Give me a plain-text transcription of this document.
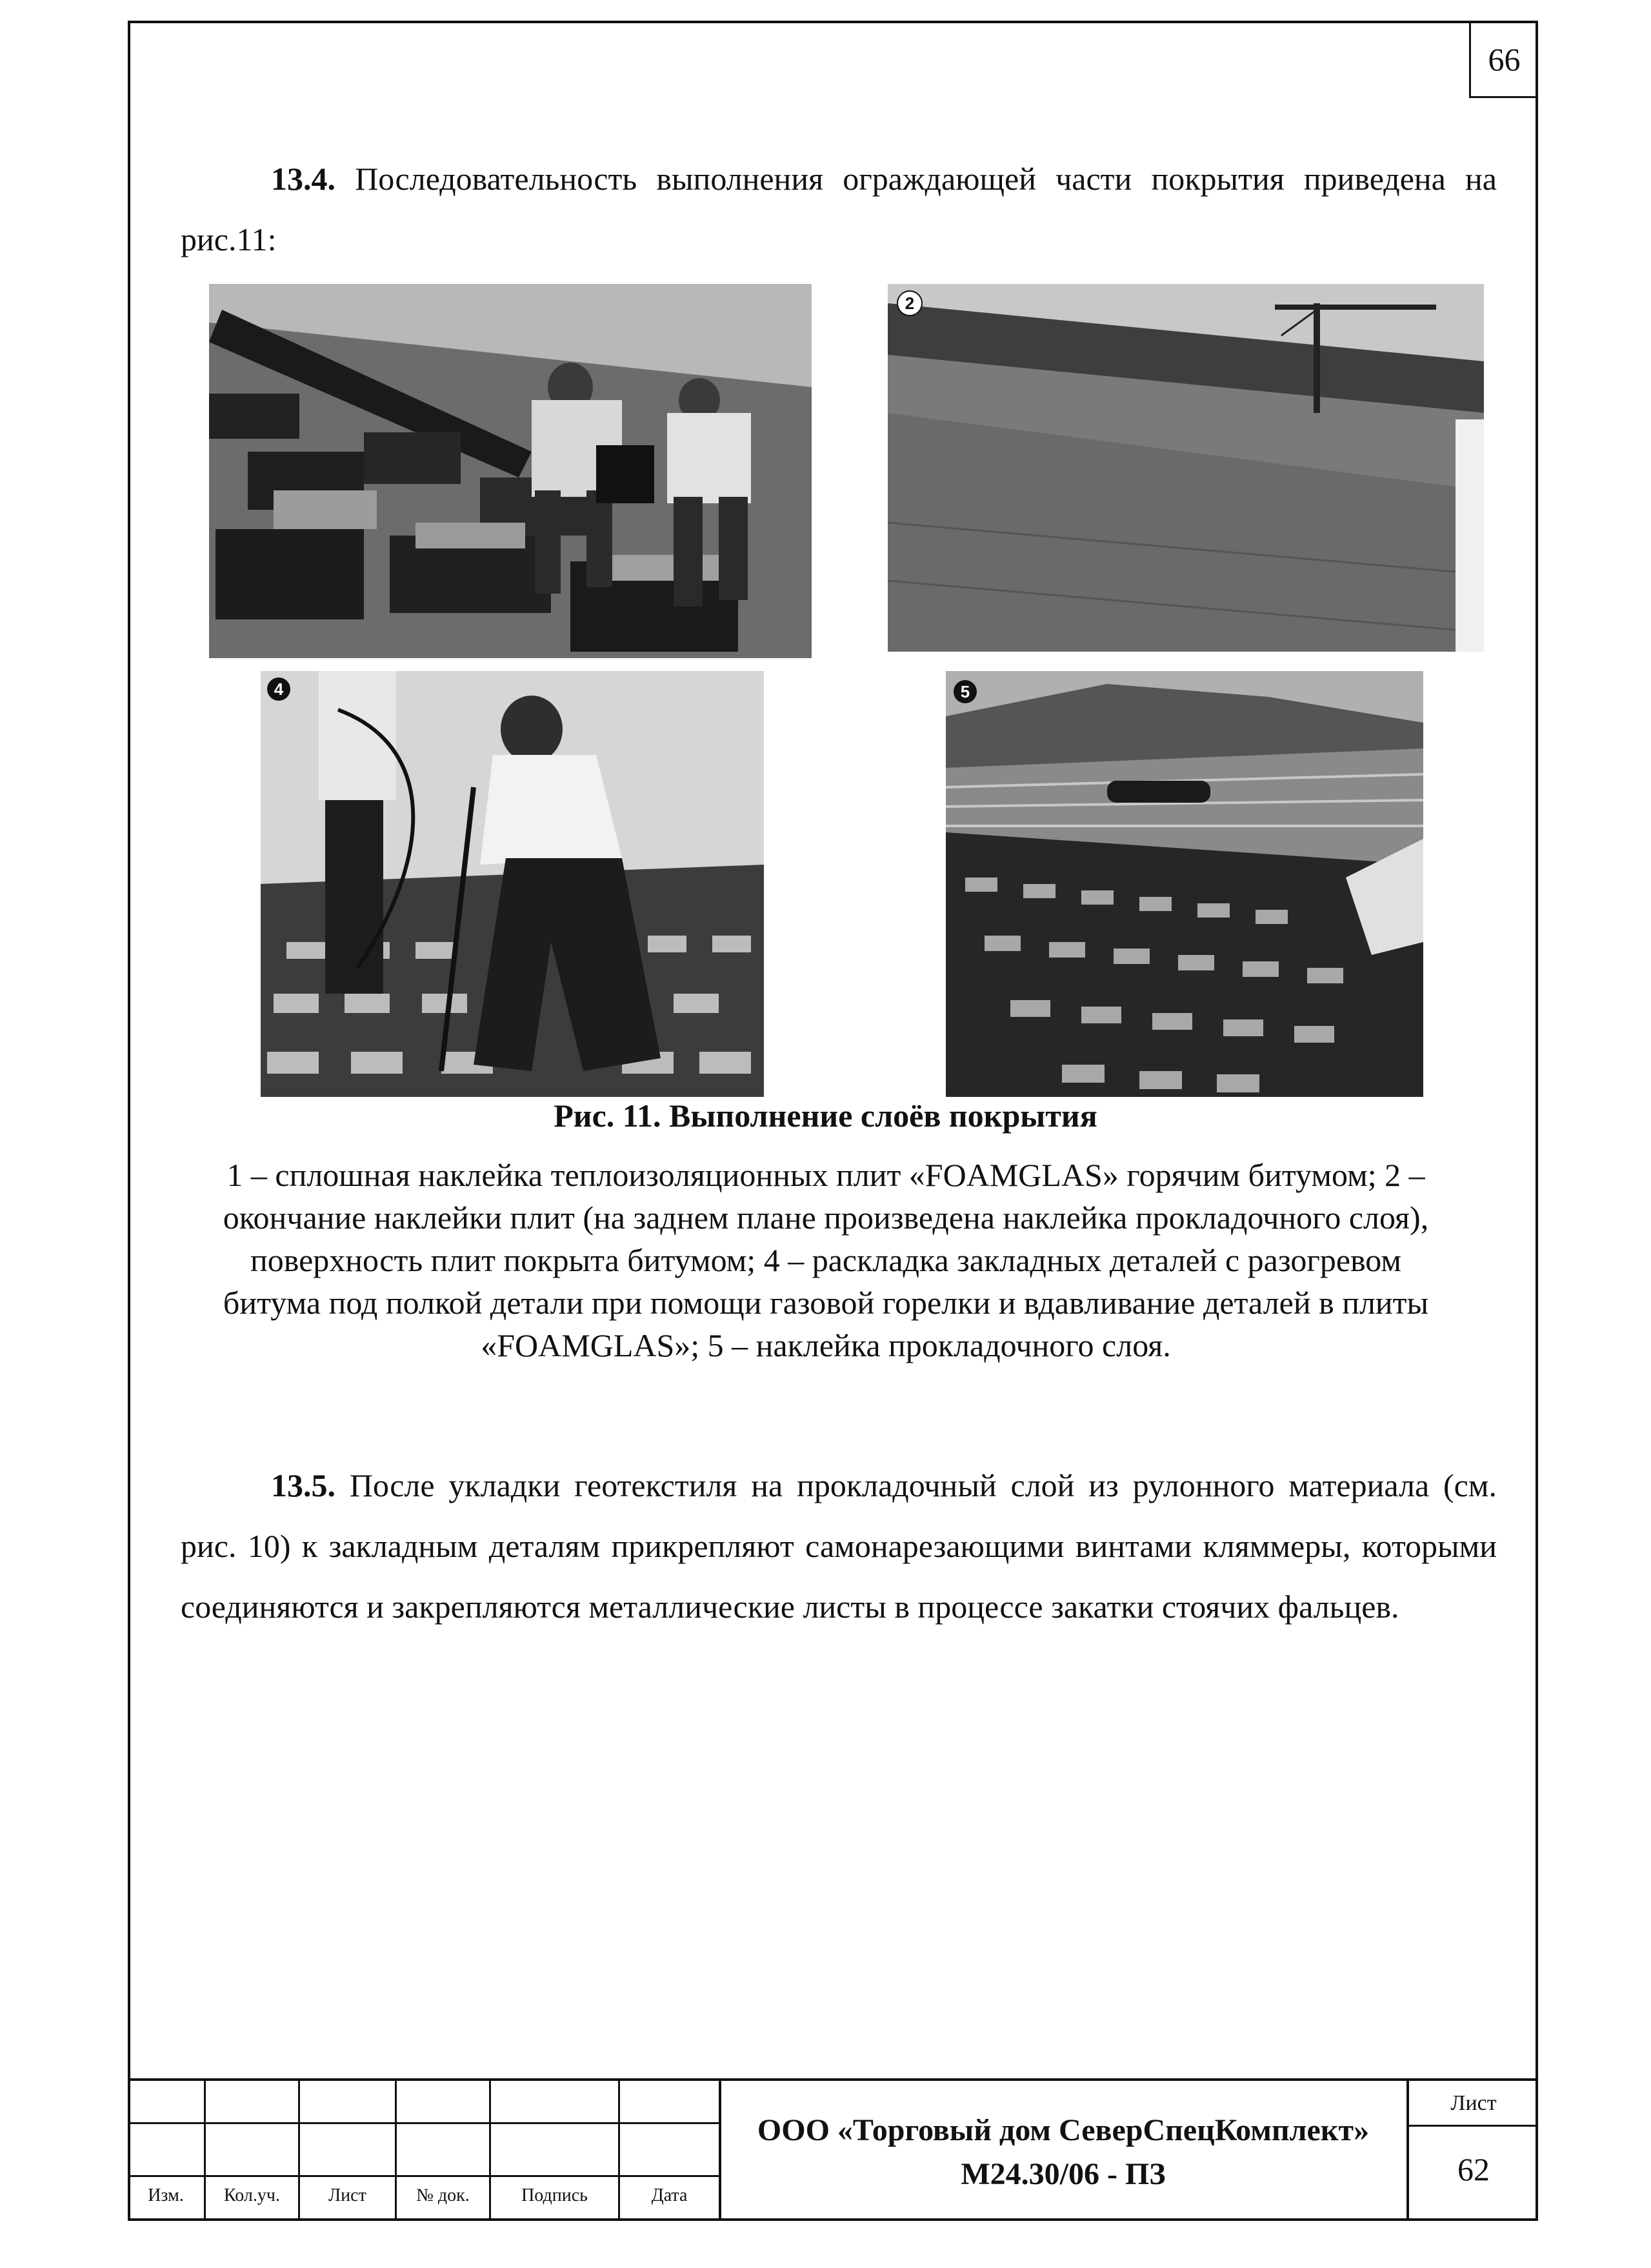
66
13.4. Последовательность выполнения ограждающей части покрытия приведена на рис.11:
2
4	5
Рис. 11. Выполнение слоёв покрытия
1 – сплошная наклейка теплоизоляционных плит «FOAMGLAS» горячим битумом; 2 – окончание наклейки плит (на заднем плане произведена наклейка прокладочного слоя), поверхность плит покрыта битумом; 4 – раскладка закладных деталей с разогревом битума под полкой детали при помощи газовой горелки и вдавливание деталей в плиты «FOAMGLAS»; 5 – наклейка прокладочного слоя.
13.5. После укладки геотекстиля на прокладочный слой из рулонного материала (см. рис. 10) к закладным деталям прикрепляют самонарезающими винтами кляммеры, которыми соединяются и закрепляются металлические листы в процессе закатки стоячих фальцев.
Изм.	Кол.уч.	Лист	№ док.	Подпись	Дата
ООО «Торговый дом СеверСпецКомплект»
М24.30/06 - ПЗ
Лист
62
